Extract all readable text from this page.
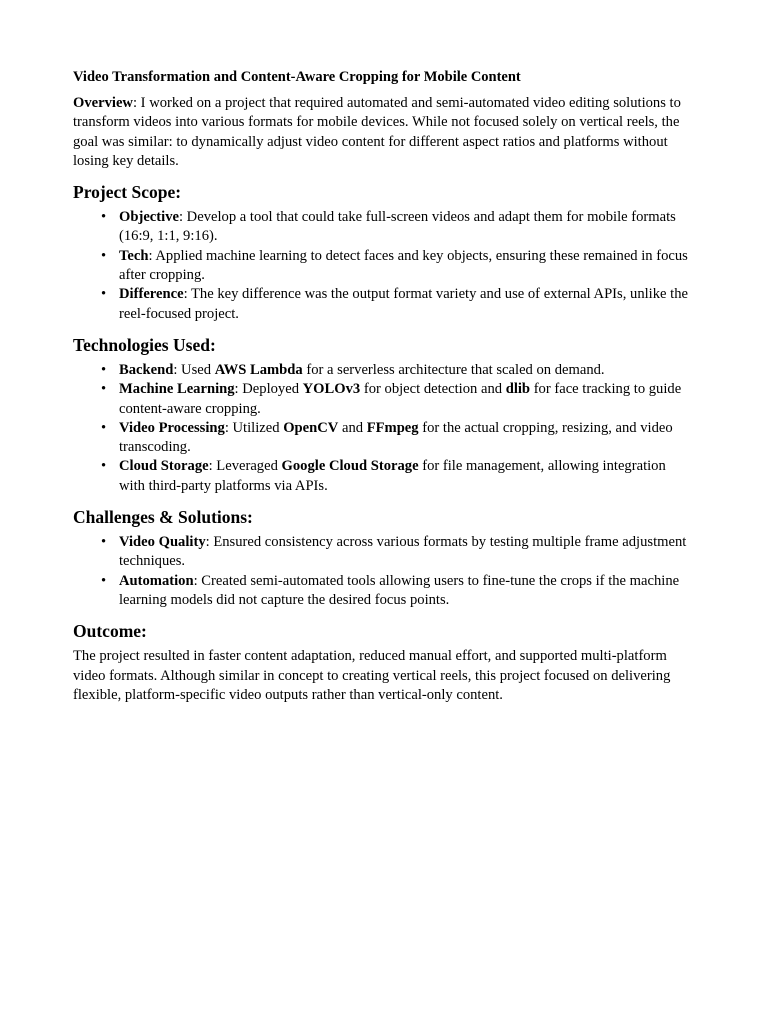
Video Transformation and Content-Aware Cropping for Mobile Content

Overview: I worked on a project that required automated and semi-automated video editing solutions to transform videos into various formats for mobile devices. While not focused solely on vertical reels, the goal was similar: to dynamically adjust video content for different aspect ratios and platforms without losing key details.

Project Scope:
• Objective: Develop a tool that could take full-screen videos and adapt them for mobile formats (16:9, 1:1, 9:16).
• Tech: Applied machine learning to detect faces and key objects, ensuring these remained in focus after cropping.
• Difference: The key difference was the output format variety and use of external APIs, unlike the reel-focused project.
Technologies Used:
• Backend: Used AWS Lambda for a serverless architecture that scaled on demand.
• Machine Learning: Deployed YOLOv3 for object detection and dlib for face tracking to guide content-aware cropping.
• Video Processing: Utilized OpenCV and FFmpeg for the actual cropping, resizing, and video transcoding.
• Cloud Storage: Leveraged Google Cloud Storage for file management, allowing integration with third-party platforms via APIs.
Challenges & Solutions:
• Video Quality: Ensured consistency across various formats by testing multiple frame adjustment techniques.
• Automation: Created semi-automated tools allowing users to fine-tune the crops if the machine learning models did not capture the desired focus points.
Outcome:

The project resulted in faster content adaptation, reduced manual effort, and supported multi-platform video formats. Although similar in concept to creating vertical reels, this project focused on delivering flexible, platform-specific video outputs rather than vertical-only content.
